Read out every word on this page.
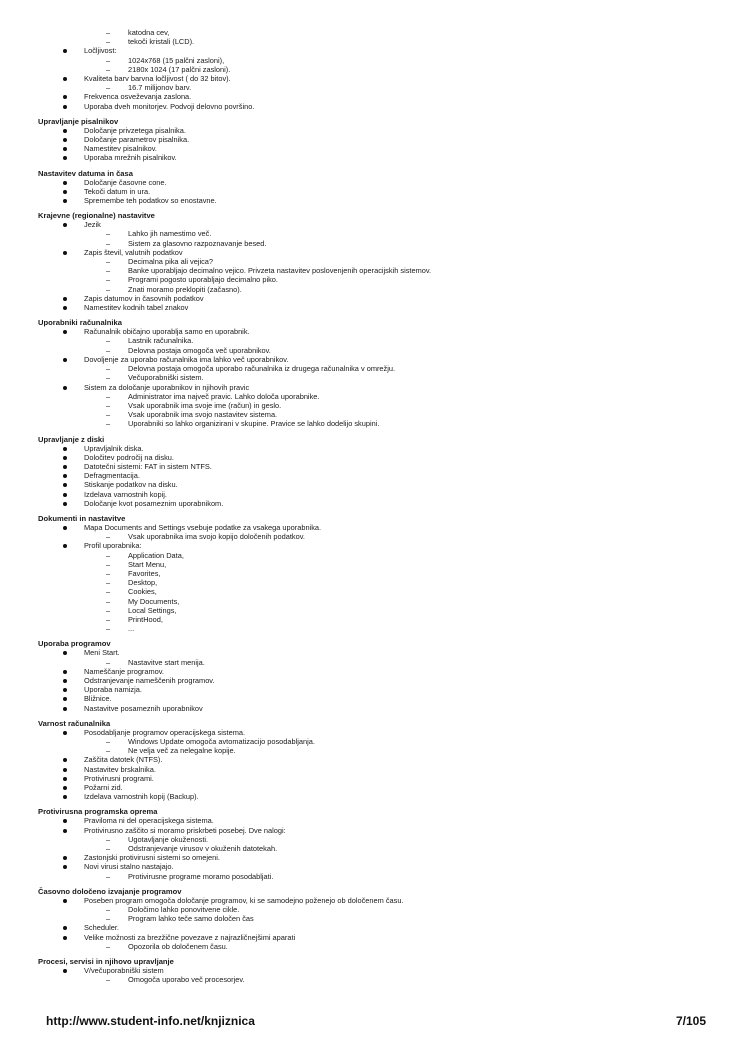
– katodna cev,
– tekoči kristali (LCD).
Ločljivost:
– 1024x768 (15 palčni zasloni),
– 2180x 1024 (17 palčni zasloni).
Kvaliteta barv barvna ločljivost ( do 32 bitov).
– 16.7 milijonov barv.
Frekvenca osveževanja zaslona.
Uporaba dveh monitorjev. Podvoji delovno površino.
Upravljanje pisalnikov
Določanje privzetega pisalnika.
Določanje parametrov pisalnika.
Namestitev pisalnikov.
Uporaba mrežnih pisalnikov.
Nastavitev datuma in časa
Določanje časovne cone.
Tekoči datum in ura.
Spremembe teh podatkov so enostavne.
Krajevne (regionalne) nastavitve
Jezik
– Lahko jih namestimo več.
– Sistem za glasovno razpoznavanje besed.
Zapis števil, valutnih podatkov
– Decimalna pika ali vejica?
– Banke uporabljajo decimalno vejico. Privzeta nastavitev poslovenjenih operacijskih sistemov.
– Programi pogosto uporabljajo decimalno piko.
– Znati moramo preklopiti (začasno).
Zapis datumov in časovnih podatkov
Namestitev kodnih tabel znakov
Uporabniki računalnika
Računalnik običajno uporablja samo en uporabnik.
– Lastnik računalnika.
– Delovna postaja omogoča več uporabnikov.
Dovoljenje za uporabo računalnika ima lahko več uporabnikov.
– Delovna postaja omogoča uporabo računalnika iz drugega računalnika v omrežju.
– Večuporabniški sistem.
Sistem za določanje uporabnikov in njihovih pravic
– Administrator ima največ pravic. Lahko določa uporabnike.
– Vsak uporabnik ima svoje ime (račun) in geslo.
– Vsak uporabnik ima svojo nastavitev sistema.
– Uporabniki so lahko organizirani v skupine. Pravice se lahko dodelijo skupini.
Upravljanje z diski
Upravljalnik diska.
Določitev področij na disku.
Datotečni sistemi: FAT in sistem NTFS.
Defragmentacija.
Stiskanje podatkov na disku.
Izdelava varnostnih kopij.
Določanje kvot posameznim uporabnikom.
Dokumenti in nastavitve
Mapa Documents and Settings vsebuje podatke za vsakega uporabnika.
– Vsak uporabnika ima svojo kopijo določenih podatkov.
Profil uporabnika:
– Application Data,
– Start Menu,
– Favorites,
– Desktop,
– Cookies,
– My Documents,
– Local Settings,
– PrintHood,
– ...
Uporaba programov
Meni Start.
– Nastavitve start menija.
Nameščanje programov.
Odstranjevanje nameščenih programov.
Uporaba namizja.
Bližnice.
Nastavitve posameznih uporabnikov
Varnost računalnika
Posodabljanje programov operacijskega sistema.
– Windows Update omogoča avtomatizacijo posodabljanja.
– Ne velja več za nelegalne kopije.
Zaščita datotek (NTFS).
Nastavitev brskalnika.
Protivirusni programi.
Požarni zid.
Izdelava varnostnih kopij (Backup).
Protivirusna programska oprema
Praviloma ni del operacijskega sistema.
Protivirusno zaščito si moramo priskrbeti posebej. Dve nalogi:
– Ugotavljanje okuženosti.
– Odstranjevanje virusov v okuženih datotekah.
Zastonjski protivirusni sistemi so omejeni.
Novi virusi stalno nastajajo.
– Protivirusne programe moramo posodabljati.
Časovno določeno izvajanje programov
Poseben program omogoča določanje programov, ki se samodejno poženejo ob določenem času.
– Določimo lahko ponovitvene cikle.
– Program lahko teče samo določen čas
Scheduler.
Velike možnosti za brezžične povezave z najrazličnejšimi aparati
– Opozorila ob določenem času.
Procesi, servisi in njihovo upravljanje
V/večuporabniški sistem
– Omogoča uporabo več procesorjev.
http://www.student-info.net/knjiznica	7/105
